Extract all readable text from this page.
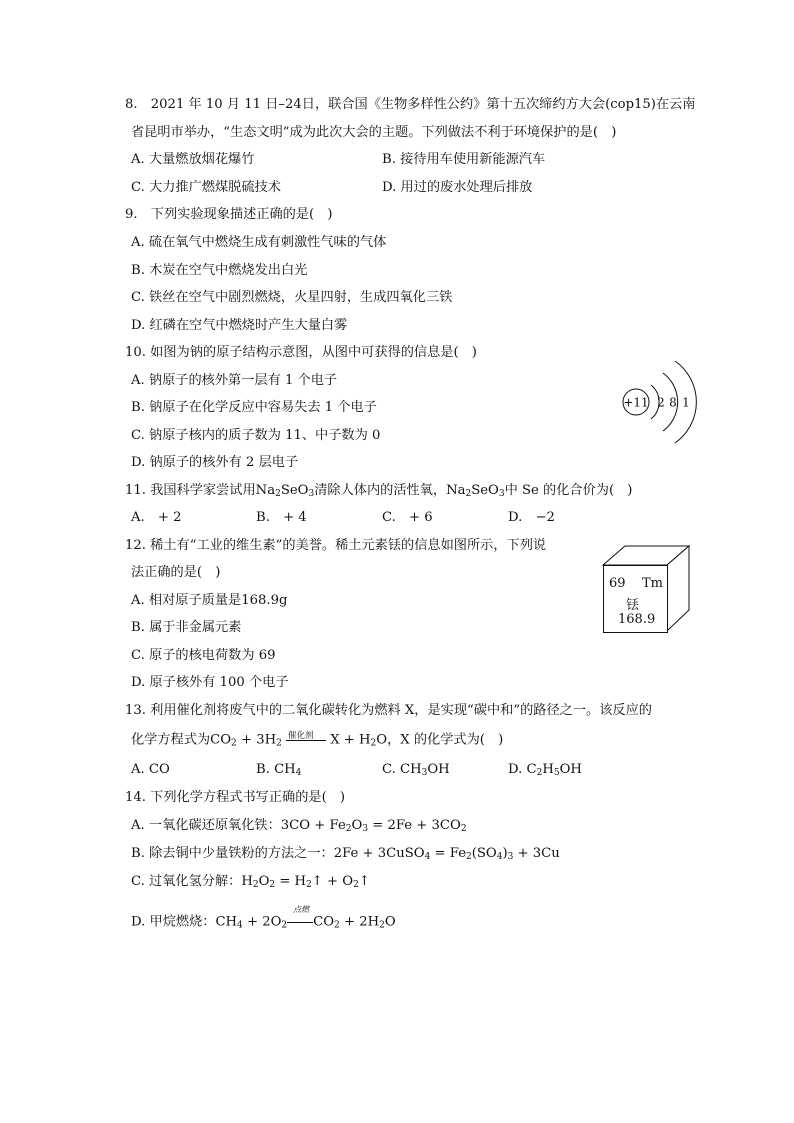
8.　2021 年 10 月 11 日–24日，联合国《生物多样性公约》第十五次缔约方大会(cop15)在云南
省昆明市举办，“生态文明”成为此次大会的主题。下列做法不利于环境保护的是(　)
A. 大量燃放烟花爆竹	B. 接待用车使用新能源汽车
C. 大力推广燃煤脱硫技术	D. 用过的废水处理后排放
9.　下列实验现象描述正确的是(　)
A. 硫在氧气中燃烧生成有刺激性气味的气体
B. 木炭在空气中燃烧发出白光
C. 铁丝在空气中剧烈燃烧，火星四射，生成四氧化三铁
D. 红磷在空气中燃烧时产生大量白雾
10. 如图为钠的原子结构示意图，从图中可获得的信息是(　)
A. 钠原子的核外第一层有 1 个电子
B. 钠原子在化学反应中容易失去 1 个电子
C. 钠原子核内的质子数为 11、中子数为 0
D. 钠原子的核外有 2 层电子
+11 2 8 1
11. 我国科学家尝试用$Na_2SeO_3$清除人体内的活性氧，$Na_2SeO_3$中 Se 的化合价为(　)
A.　+ 2	B.　+ 4	C.　+ 6	D.　−2
12. 稀土有“工业的维生素”的美誉。稀土元素铥的信息如图所示，下列说
法正确的是(　)
A. 相对原子质量是168.9g
B. 属于非金属元素
C. 原子的核电荷数为 69
D. 原子核外有 100 个电子
69 Tm
铥
168.9
13. 利用催化剂将废气中的二氧化碳转化为燃料 X，是实现“碳中和”的路径之一。该反应的
化学方程式为$CO_2 + 3H_2$
催化剂 $X + H_2O$，X 的化学式为(　)
A. CO	B. $CH_4$	C. $CH_3OH$	D. $C_2H_5OH$
14. 下列化学方程式书写正确的是(　)
A. 一氧化碳还原氧化铁：$3CO + Fe_2O_3 = 2Fe + 3CO_2$
B. 除去铜中少量铁粉的方法之一：2Fe + 3CuSO$_4$ = $Fe_2(SO_4)_3 + 3Cu$
C. 过氧化氢分解：$H_2O_2$ = $H_2↑$ + $O_2↑$
D. 甲烷燃烧：$CH_4 + 2O_2$
点燃
$CO_2 + 2H_2O$
